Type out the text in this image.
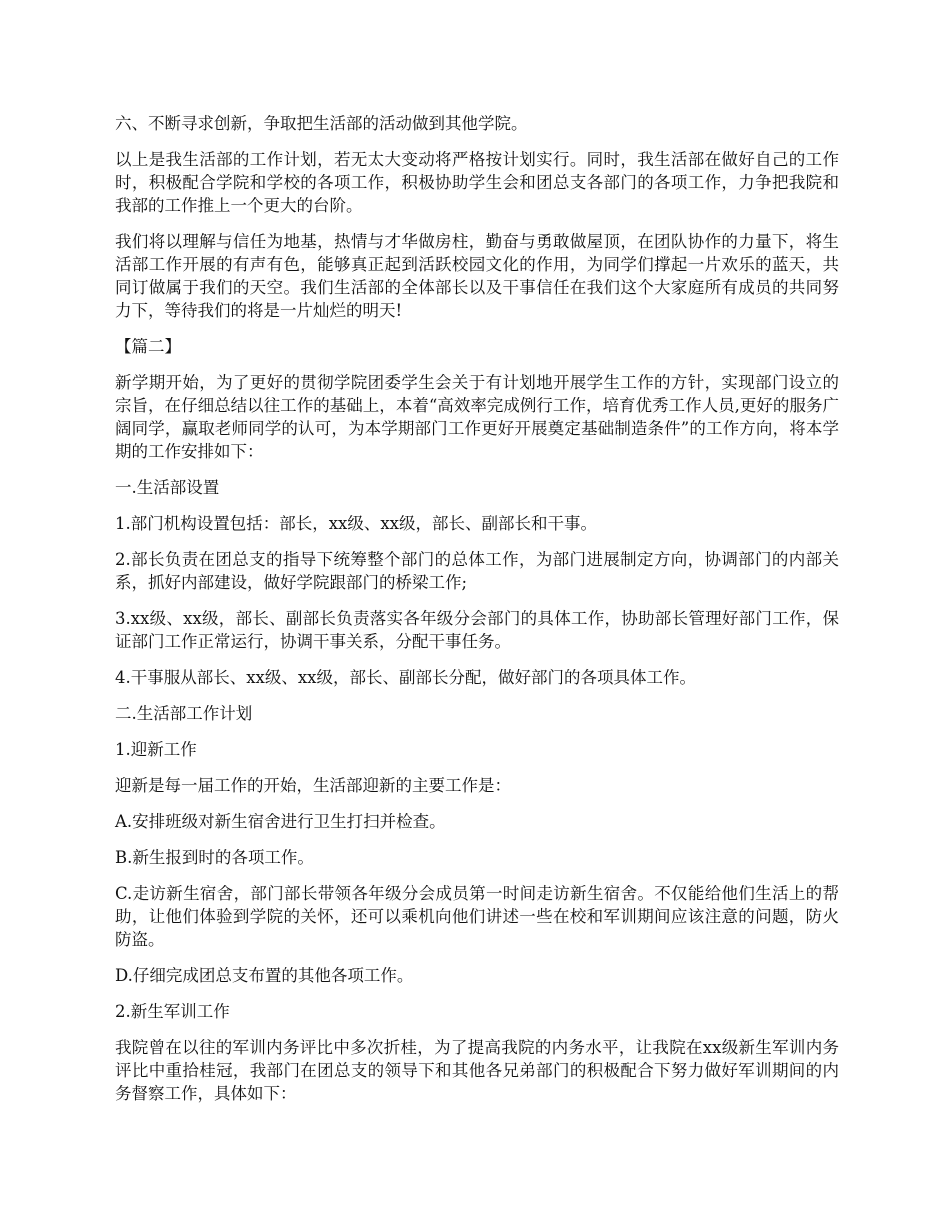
六、不断寻求创新，争取把生活部的活动做到其他学院。

以上是我生活部的工作计划，若无太大变动将严格按计划实行。同时，我生活部在做好自己的工作时，积极配合学院和学校的各项工作，积极协助学生会和团总支各部门的各项工作，力争把我院和我部的工作推上一个更大的台阶。

我们将以理解与信任为地基，热情与才华做房柱，勤奋与勇敢做屋顶，在团队协作的力量下，将生活部工作开展的有声有色，能够真正起到活跃校园文化的作用，为同学们撑起一片欢乐的蓝天，共同订做属于我们的天空。我们生活部的全体部长以及干事信任在我们这个大家庭所有成员的共同努力下，等待我们的将是一片灿烂的明天!

【篇二】

新学期开始，为了更好的贯彻学院团委学生会关于有计划地开展学生工作的方针，实现部门设立的宗旨，在仔细总结以往工作的基础上，本着“高效率完成例行工作，培育优秀工作人员,更好的服务广阔同学，赢取老师同学的认可，为本学期部门工作更好开展奠定基础制造条件”的工作方向，将本学期的工作安排如下：

一.生活部设置

1.部门机构设置包括：部长，xx级、xx级，部长、副部长和干事。

2.部长负责在团总支的指导下统筹整个部门的总体工作，为部门进展制定方向，协调部门的内部关系，抓好内部建设，做好学院跟部门的桥梁工作;

3.xx级、xx级，部长、副部长负责落实各年级分会部门的具体工作，协助部长管理好部门工作，保证部门工作正常运行，协调干事关系，分配干事任务。

4.干事服从部长、xx级、xx级，部长、副部长分配，做好部门的各项具体工作。

二.生活部工作计划

1.迎新工作

迎新是每一届工作的开始，生活部迎新的主要工作是：

A.安排班级对新生宿舍进行卫生打扫并检查。

B.新生报到时的各项工作。

C.走访新生宿舍，部门部长带领各年级分会成员第一时间走访新生宿舍。不仅能给他们生活上的帮助，让他们体验到学院的关怀，还可以乘机向他们讲述一些在校和军训期间应该注意的问题，防火防盗。

D.仔细完成团总支布置的其他各项工作。

2.新生军训工作

我院曾在以往的军训内务评比中多次折桂，为了提高我院的内务水平，让我院在xx级新生军训内务评比中重拾桂冠，我部门在团总支的领导下和其他各兄弟部门的积极配合下努力做好军训期间的内务督察工作，具体如下：
